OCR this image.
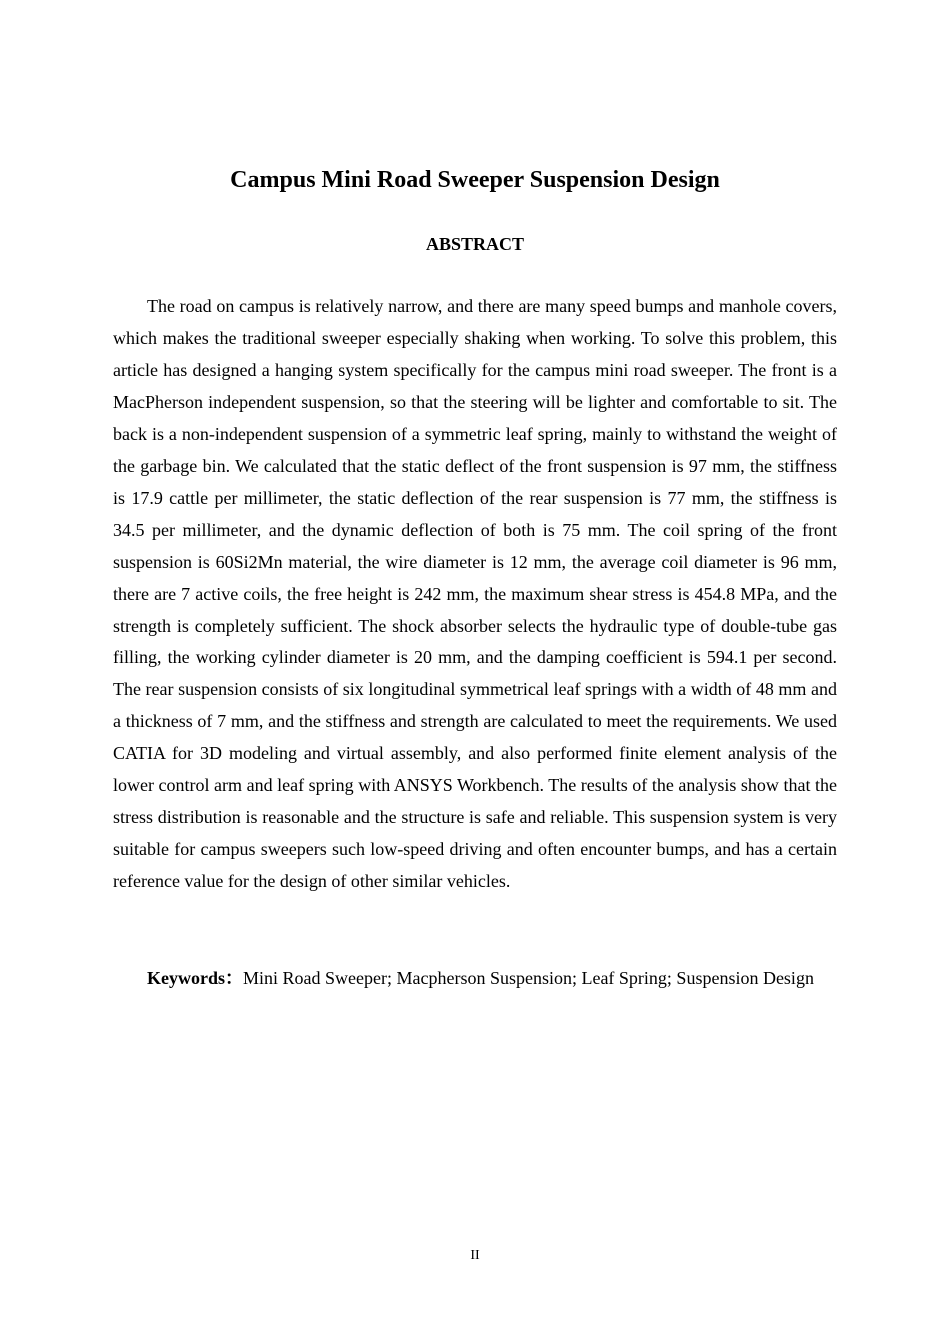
Campus Mini Road Sweeper Suspension Design
ABSTRACT

The road on campus is relatively narrow, and there are many speed bumps and manhole covers, which makes the traditional sweeper especially shaking when working. To solve this problem, this article has designed a hanging system specifically for the campus mini road sweeper. The front is a MacPherson independent suspension, so that the steering will be lighter and comfortable to sit. The back is a non-independent suspension of a symmetric leaf spring, mainly to withstand the weight of the garbage bin. We calculated that the static deflect of the front suspension is 97 mm, the stiffness is 17.9 cattle per millimeter, the static deflection of the rear suspension is 77 mm, the stiffness is 34.5 per millimeter, and the dynamic deflection of both is 75 mm. The coil spring of the front suspension is 60Si2Mn material, the wire diameter is 12 mm, the average coil diameter is 96 mm, there are 7 active coils, the free height is 242 mm, the maximum shear stress is 454.8 MPa, and the strength is completely sufficient. The shock absorber selects the hydraulic type of double-tube gas filling, the working cylinder diameter is 20 mm, and the damping coefficient is 594.1 per second. The rear suspension consists of six longitudinal symmetrical leaf springs with a width of 48 mm and a thickness of 7 mm, and the stiffness and strength are calculated to meet the requirements. We used CATIA for 3D modeling and virtual assembly, and also performed finite element analysis of the lower control arm and leaf spring with ANSYS Workbench. The results of the analysis show that the stress distribution is reasonable and the structure is safe and reliable. This suspension system is very suitable for campus sweepers such low-speed driving and often encounter bumps, and has a certain reference value for the design of other similar vehicles.

Keywords：Mini Road Sweeper; Macpherson Suspension; Leaf Spring; Suspension Design

II
